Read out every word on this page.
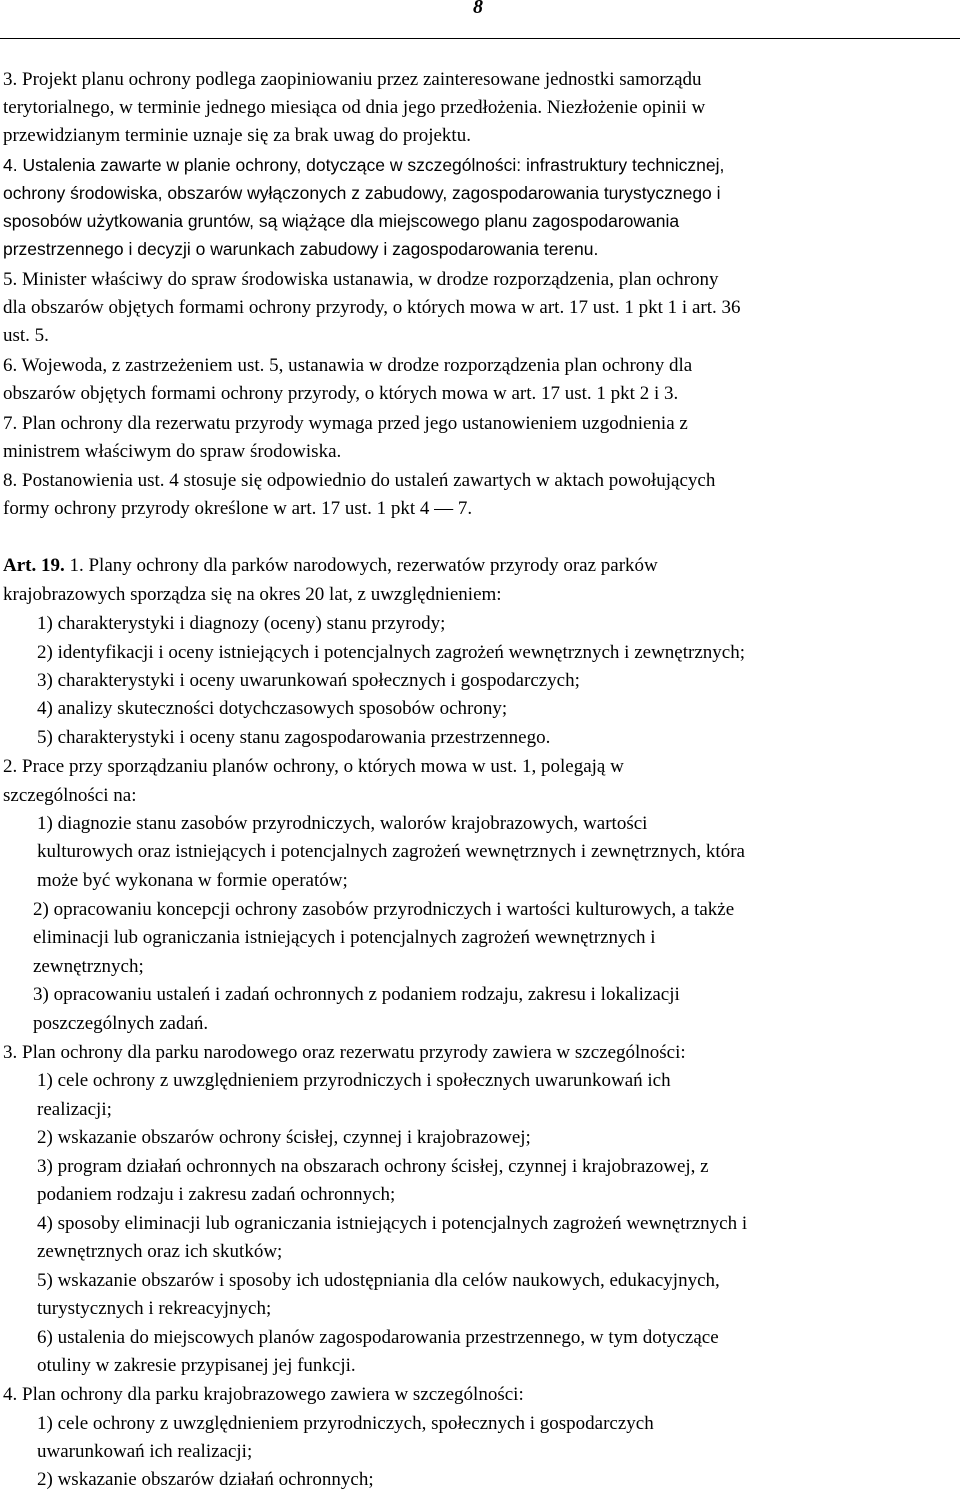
8
3. Projekt planu ochrony podlega zaopiniowaniu przez zainteresowane jednostki samorządu
terytorialnego, w terminie jednego miesiąca od dnia jego przedłożenia. Niezłożenie opinii w
przewidzianym terminie uznaje się za brak uwag do projektu.
4. Ustalenia zawarte w planie ochrony, dotyczące w szczególności: infrastruktury technicznej,
ochrony środowiska, obszarów wyłączonych z zabudowy, zagospodarowania turystycznego i
sposobów użytkowania gruntów, są wiążące dla miejscowego planu zagospodarowania
przestrzennego i decyzji o warunkach zabudowy i zagospodarowania terenu.
5. Minister właściwy do spraw środowiska ustanawia, w drodze rozporządzenia, plan ochrony
dla obszarów objętych formami ochrony przyrody, o których mowa w art. 17 ust. 1 pkt 1 i art. 36
ust. 5.
6. Wojewoda, z zastrzeżeniem ust. 5, ustanawia w drodze rozporządzenia plan ochrony dla
obszarów objętych formami ochrony przyrody, o których mowa w art. 17 ust. 1 pkt 2 i 3.
7. Plan ochrony dla rezerwatu przyrody wymaga przed jego ustanowieniem uzgodnienia z
ministrem właściwym do spraw środowiska.
8. Postanowienia ust. 4 stosuje się odpowiednio do ustaleń zawartych w aktach powołujących
formy ochrony przyrody określone w art. 17 ust. 1 pkt 4 — 7.
Art. 19. 1. Plany ochrony dla parków narodowych, rezerwatów przyrody oraz parków
krajobrazowych sporządza się na okres 20 lat, z uwzględnieniem:
1) charakterystyki i diagnozy (oceny) stanu przyrody;
2) identyfikacji i oceny istniejących i potencjalnych zagrożeń wewnętrznych i zewnętrznych;
3) charakterystyki i oceny uwarunkowań społecznych i gospodarczych;
4) analizy skuteczności dotychczasowych sposobów ochrony;
5) charakterystyki i oceny stanu zagospodarowania przestrzennego.
2. Prace przy sporządzaniu planów ochrony, o których mowa w ust. 1, polegają w
szczególności na:
1) diagnozie stanu zasobów przyrodniczych, walorów krajobrazowych, wartości
kulturowych oraz istniejących i potencjalnych zagrożeń wewnętrznych i zewnętrznych, która
może być wykonana w formie operatów;
2) opracowaniu koncepcji ochrony zasobów przyrodniczych i wartości kulturowych, a także
eliminacji lub ograniczania istniejących i potencjalnych zagrożeń wewnętrznych i
zewnętrznych;
3) opracowaniu ustaleń i zadań ochronnych z podaniem rodzaju, zakresu i lokalizacji
poszczególnych zadań.
3. Plan ochrony dla parku narodowego oraz rezerwatu przyrody zawiera w szczególności:
1) cele ochrony z uwzględnieniem przyrodniczych i społecznych uwarunkowań ich
realizacji;
2) wskazanie obszarów ochrony ścisłej, czynnej i krajobrazowej;
3) program działań ochronnych na obszarach ochrony ścisłej, czynnej i krajobrazowej, z
podaniem rodzaju i zakresu zadań ochronnych;
4) sposoby eliminacji lub ograniczania istniejących i potencjalnych zagrożeń wewnętrznych i
zewnętrznych oraz ich skutków;
5) wskazanie obszarów i sposoby ich udostępniania dla celów naukowych, edukacyjnych,
turystycznych i rekreacyjnych;
6) ustalenia do miejscowych planów zagospodarowania przestrzennego, w tym dotyczące
otuliny w zakresie przypisanej jej funkcji.
4. Plan ochrony dla parku krajobrazowego zawiera w szczególności:
1) cele ochrony z uwzględnieniem przyrodniczych, społecznych i gospodarczych
uwarunkowań ich realizacji;
2) wskazanie obszarów działań ochronnych;
